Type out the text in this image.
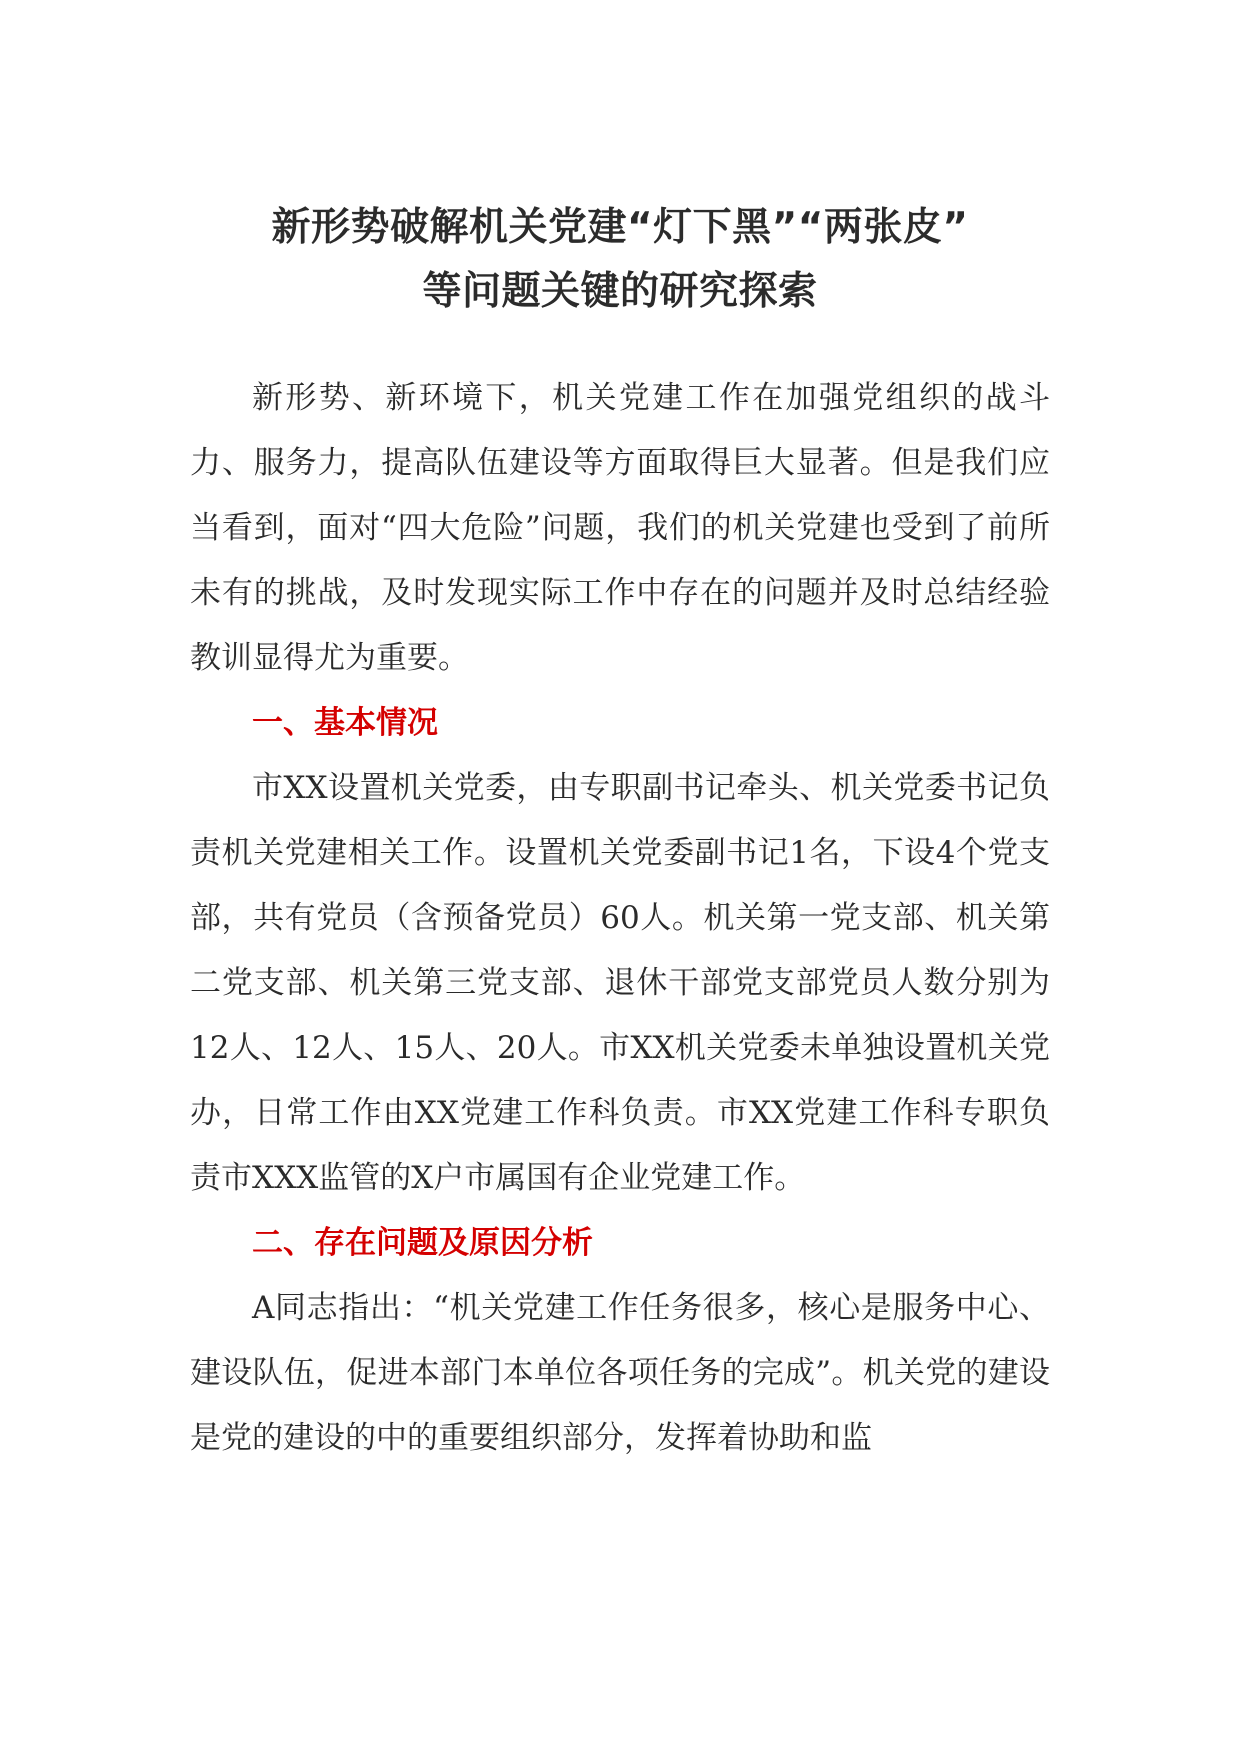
新形势破解机关党建“灯下黑”“两张皮”
等问题关键的研究探索

新形势、新环境下，机关党建工作在加强党组织的战斗力、服务力，提高队伍建设等方面取得巨大显著。但是我们应当看到，面对“四大危险”问题，我们的机关党建也受到了前所未有的挑战，及时发现实际工作中存在的问题并及时总结经验教训显得尤为重要。

一、基本情况

市XX设置机关党委，由专职副书记牵头、机关党委书记负责机关党建相关工作。设置机关党委副书记1名，下设4个党支部，共有党员（含预备党员）60人。机关第一党支部、机关第二党支部、机关第三党支部、退休干部党支部党员人数分别为12人、12人、15人、20人。市XX机关党委未单独设置机关党办，日常工作由XX党建工作科负责。市XX党建工作科专职负责市XXX监管的X户市属国有企业党建工作。

二、存在问题及原因分析

A同志指出：“机关党建工作任务很多，核心是服务中心、建设队伍，促进本部门本单位各项任务的完成”。机关党的建设是党的建设的中的重要组织部分，发挥着协助和监
